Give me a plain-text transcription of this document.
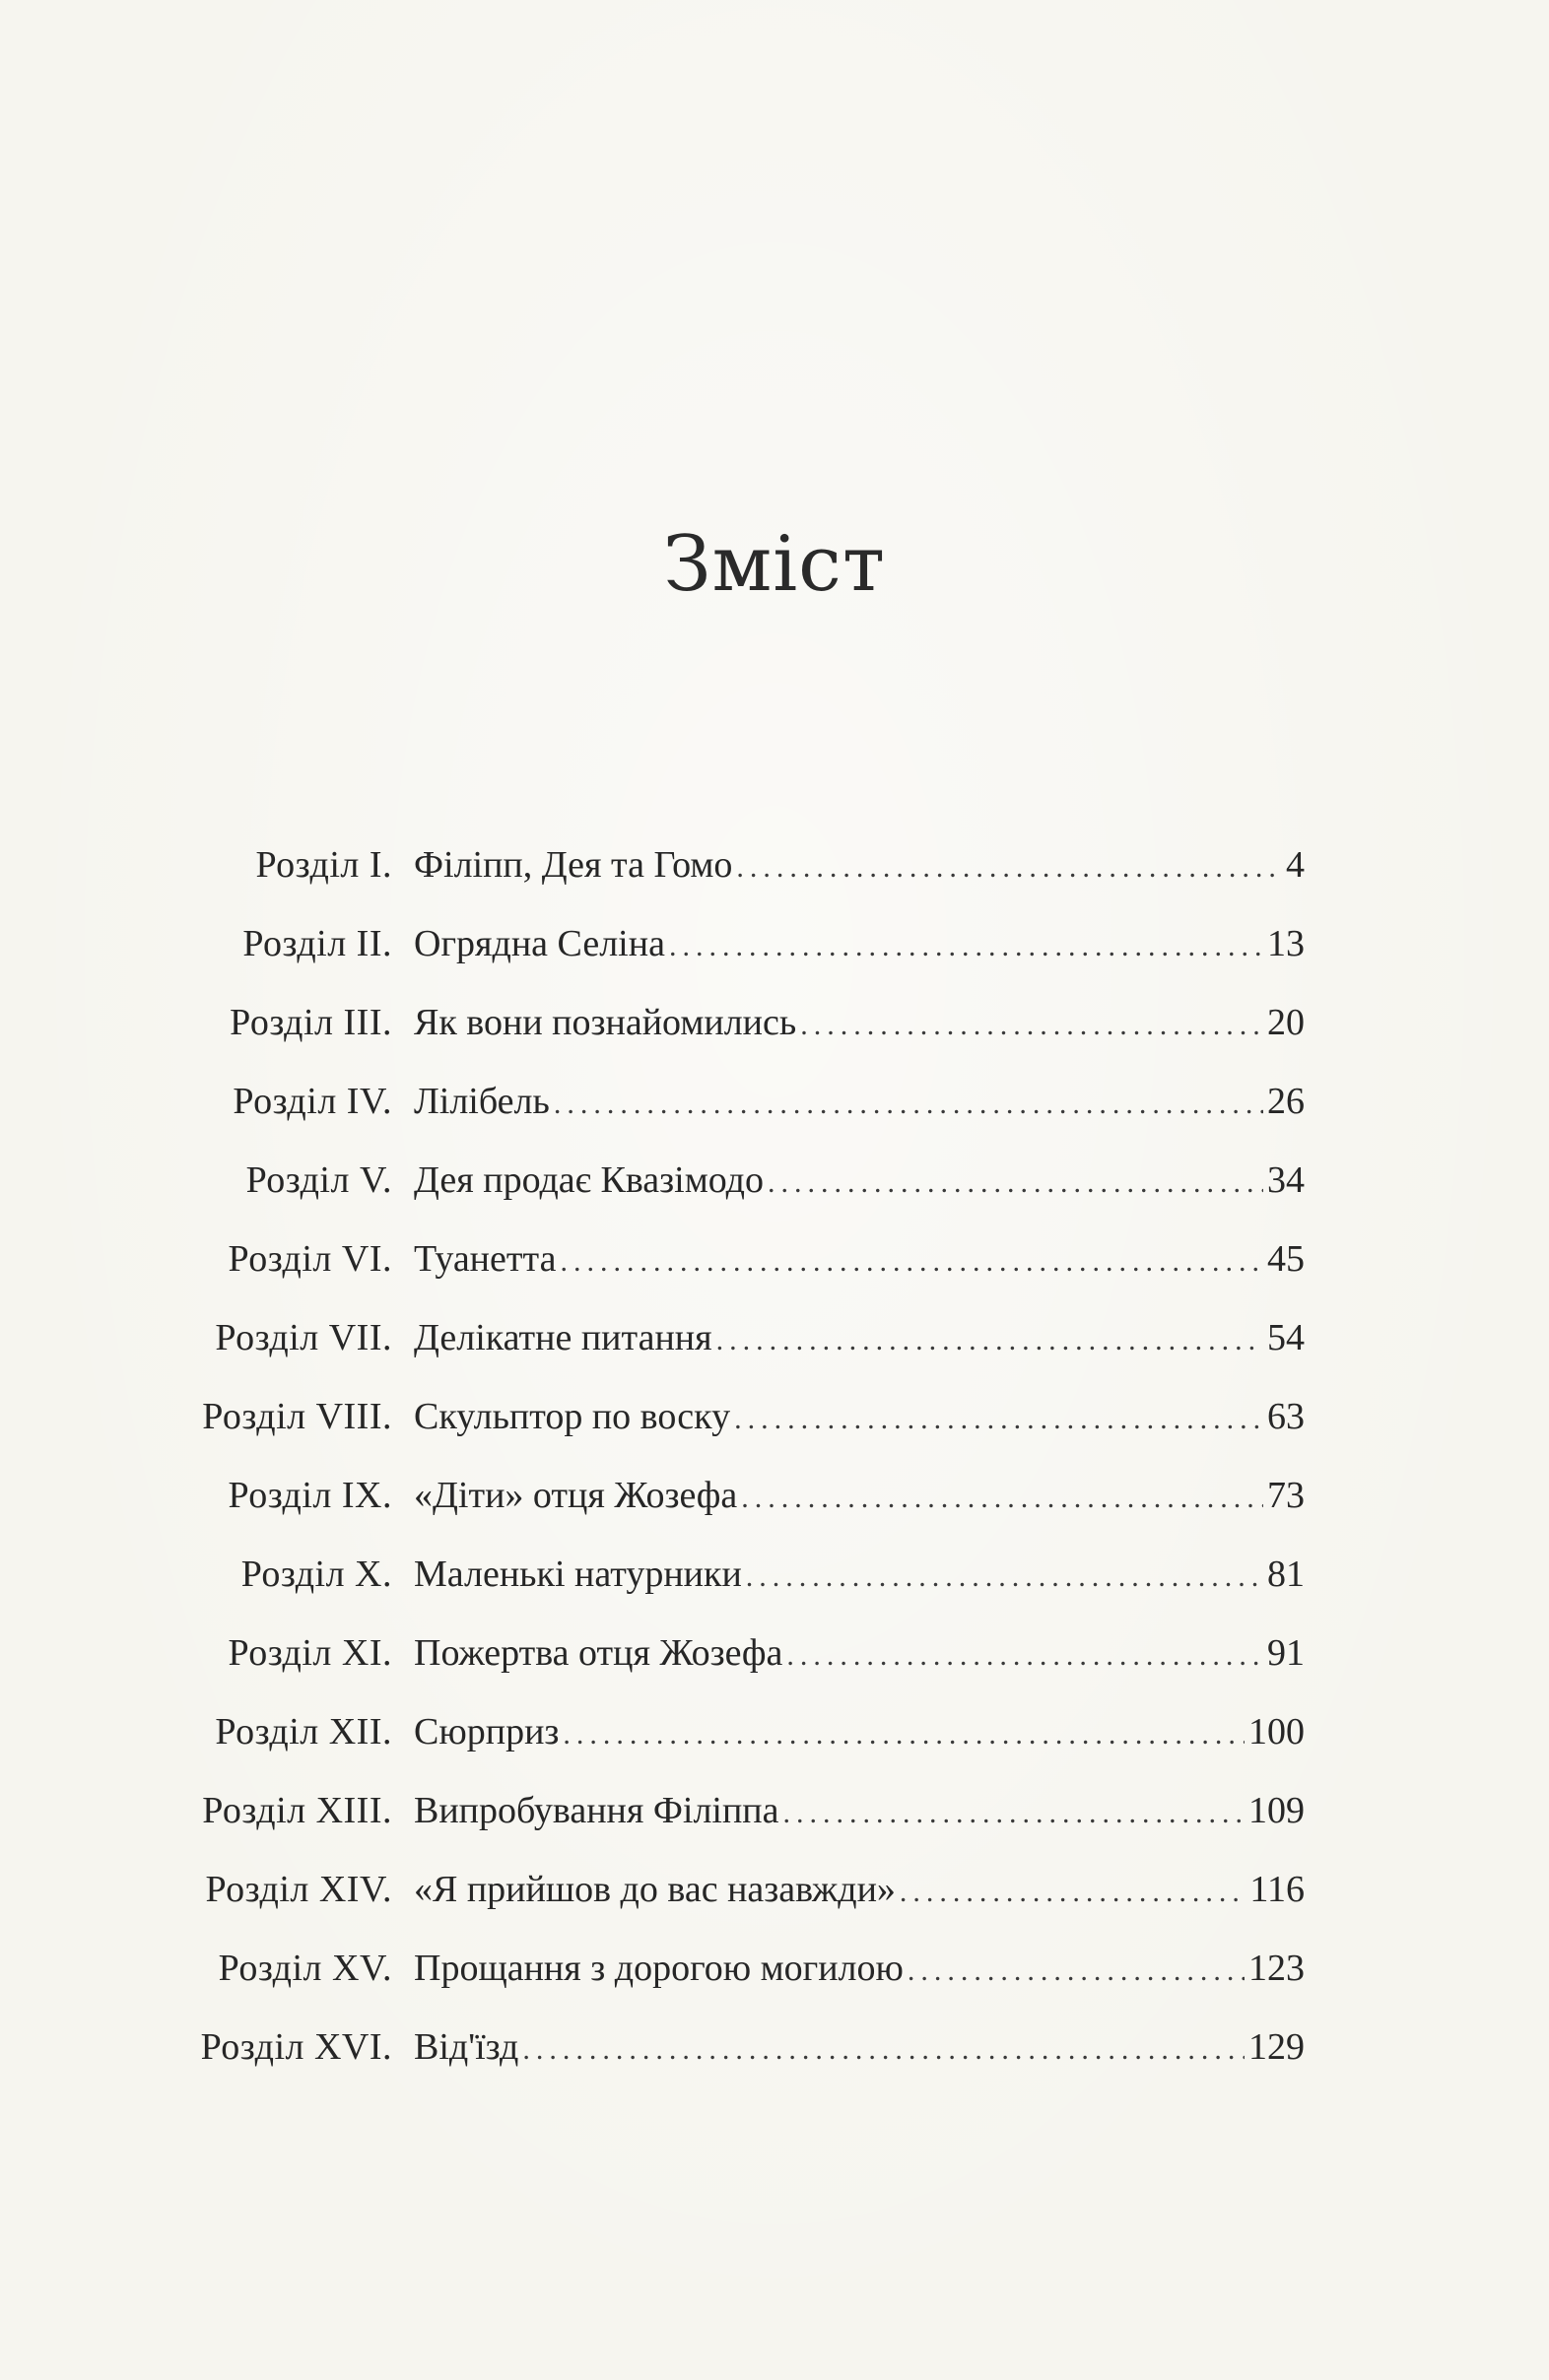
Зміст
Розділ I. Філіпп, Дея та Гомо .....	4
Розділ II. Огрядна Селіна .....	13
Розділ III. Як вони познайомились .....	20
Розділ IV. Лілібель .....	26
Розділ V. Дея продає Квазімодо .....	34
Розділ VI. Туанетта .....	45
Розділ VII. Делікатне питання .....	54
Розділ VIII. Скульптор по воску .....	63
Розділ IX. «Діти» отця Жозефа .....	73
Розділ X. Маленькі натурники .....	81
Розділ XI. Пожертва отця Жозефа .....	91
Розділ XII. Сюрприз .....	100
Розділ XIII. Випробування Філіппа .....	109
Розділ XIV. «Я прийшов до вас назавжди» .....	116
Розділ XV. Прощання з дорогою могилою .....	123
Розділ XVI. Від'їзд .....	129
